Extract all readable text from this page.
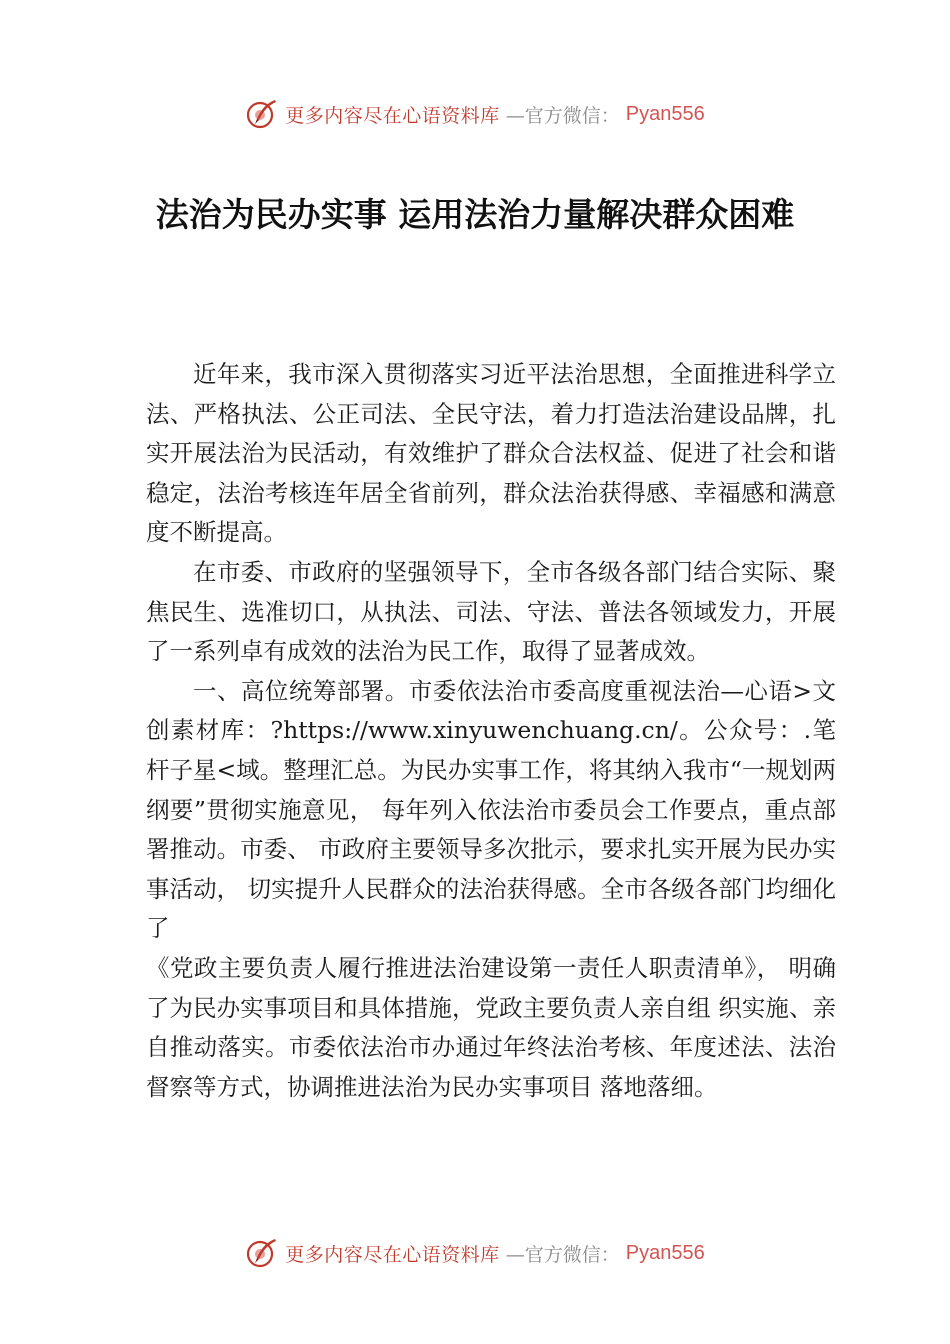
更多内容尽在心语资料库 —官方微信： Pyan556
法治为民办实事 运用法治力量解决群众困难

近年来，我市深入贯彻落实习近平法治思想，全面推进科学立法、严格执法、公正司法、全民守法，着力打造法治建设品牌，扎实开展法治为民活动，有效维护了群众合法权益、促进了社会和谐稳定，法治考核连年居全省前列，群众法治获得感、幸福感和满意度不断提高。

在市委、市政府的坚强领导下，全市各级各部门结合实际、聚焦民生、选准切口，从执法、司法、守法、普法各领域发力，开展了一系列卓有成效的法治为民工作，取得了显著成效。

一、高位统筹部署。市委依法治市委高度重视法治—心语>文创素材库：?https://www.xinyuwenchuang.cn/。公众号：.笔杆子星<域。整理汇总。为民办实事工作，将其纳入我市“一规划两纲要”贯彻实施意见， 每年列入依法治市委员会工作要点，重点部署推动。市委、 市政府主要领导多次批示，要求扎实开展为民办实事活动， 切实提升人民群众的法治获得感。全市各级各部门均细化了

《党政主要负责人履行推进法治建设第一责任人职责清单》， 明确了为民办实事项目和具体措施，党政主要负责人亲自组 织实施、亲自推动落实。市委依法治市办通过年终法治考核、年度述法、法治督察等方式，协调推进法治为民办实事项目 落地落细。

更多内容尽在心语资料库 —官方微信： Pyan556
